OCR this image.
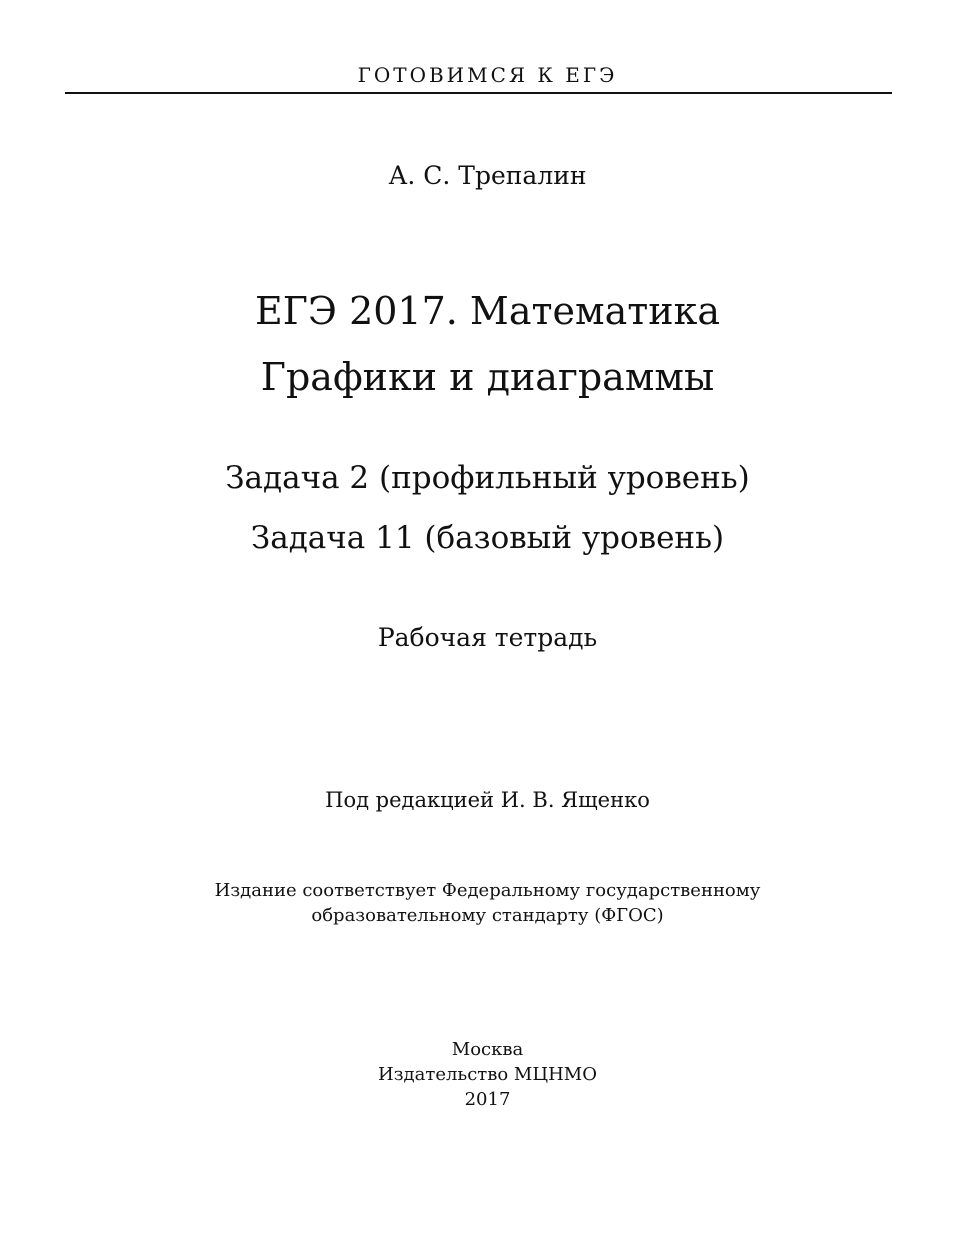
ГОТОВИМСЯ К ЕГЭ
А. С. Трепалин
ЕГЭ 2017. Математика
Графики и диаграммы
Задача 2 (профильный уровень)
Задача 11 (базовый уровень)
Рабочая тетрадь
Под редакцией И. В. Ященко
Издание соответствует Федеральному государственному
образовательному стандарту (ФГОС)
Москва
Издательство МЦНМО
2017
